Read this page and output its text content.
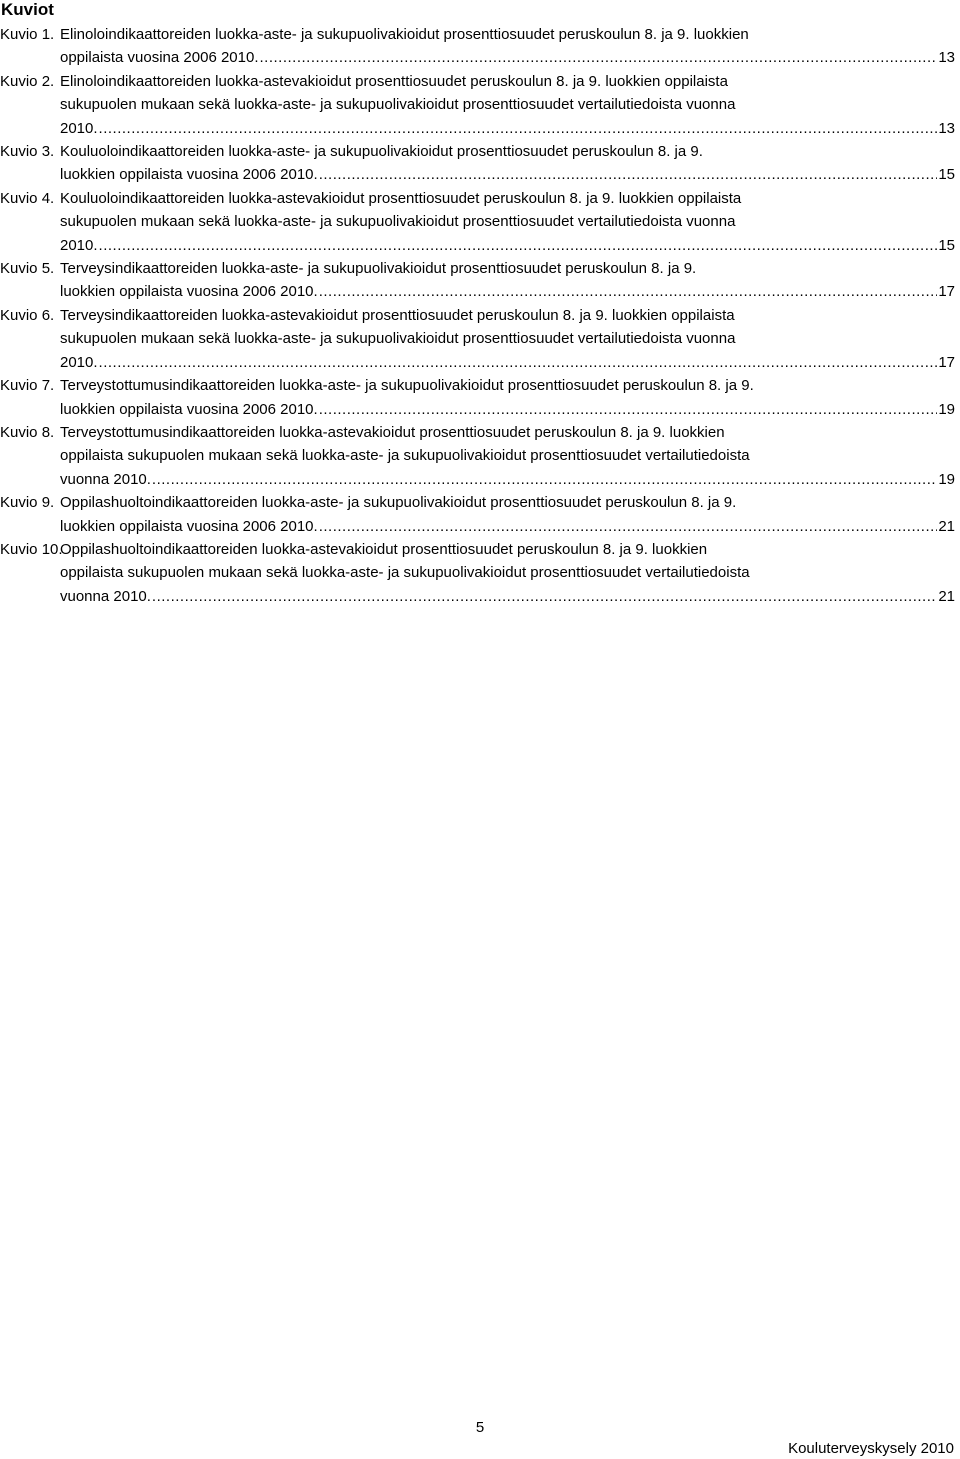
Kuviot
Kuvio 1. Elinoloindikaattoreiden luokka-aste- ja sukupuolivakioidut prosenttiosuudet peruskoulun 8. ja 9. luokkien
oppilaista vuosina 2006 2010. .....	13
Kuvio 2. Elinoloindikaattoreiden luokka-astevakioidut prosenttiosuudet peruskoulun 8. ja 9. luokkien oppilaista
sukupuolen mukaan sekä luokka-aste- ja sukupuolivakioidut prosenttiosuudet vertailutiedoista vuonna
2010. .....	13
Kuvio 3. Kouluoloindikaattoreiden luokka-aste- ja sukupuolivakioidut prosenttiosuudet peruskoulun 8. ja 9.
luokkien oppilaista vuosina 2006 2010. .....	15
Kuvio 4. Kouluoloindikaattoreiden luokka-astevakioidut prosenttiosuudet peruskoulun 8. ja 9. luokkien oppilaista
sukupuolen mukaan sekä luokka-aste- ja sukupuolivakioidut prosenttiosuudet vertailutiedoista vuonna
2010. .....	15
Kuvio 5. Terveysindikaattoreiden luokka-aste- ja sukupuolivakioidut prosenttiosuudet peruskoulun 8. ja 9.
luokkien oppilaista vuosina 2006 2010. .....	17
Kuvio 6. Terveysindikaattoreiden luokka-astevakioidut prosenttiosuudet peruskoulun 8. ja 9. luokkien oppilaista
sukupuolen mukaan sekä luokka-aste- ja sukupuolivakioidut prosenttiosuudet vertailutiedoista vuonna
2010. .....	17
Kuvio 7. Terveystottumusindikaattoreiden luokka-aste- ja sukupuolivakioidut prosenttiosuudet peruskoulun 8. ja 9.
luokkien oppilaista vuosina 2006 2010. .....	19
Kuvio 8. Terveystottumusindikaattoreiden luokka-astevakioidut prosenttiosuudet peruskoulun 8. ja 9. luokkien
oppilaista sukupuolen mukaan sekä luokka-aste- ja sukupuolivakioidut prosenttiosuudet vertailutiedoista
vuonna 2010. .....	19
Kuvio 9. Oppilashuoltoindikaattoreiden luokka-aste- ja sukupuolivakioidut prosenttiosuudet peruskoulun 8. ja 9.
luokkien oppilaista vuosina 2006 2010. .....	21
Kuvio 10.
Oppilashuoltoindikaattoreiden luokka-astevakioidut prosenttiosuudet peruskoulun 8. ja 9. luokkien
oppilaista sukupuolen mukaan sekä luokka-aste- ja sukupuolivakioidut prosenttiosuudet vertailutiedoista
vuonna 2010. .....	21
5
Kouluterveyskysely 2010
